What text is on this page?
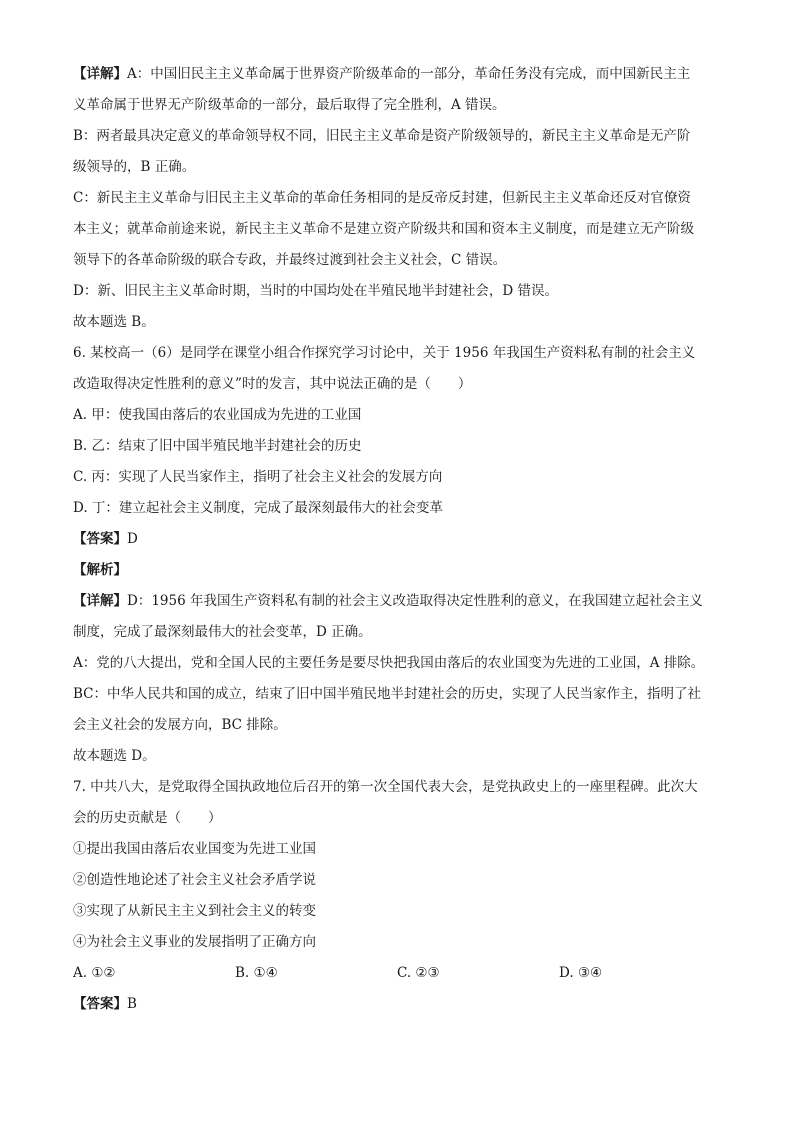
【详解】A：中国旧民主主义革命属于世界资产阶级革命的一部分，革命任务没有完成，而中国新民主主
义革命属于世界无产阶级革命的一部分，最后取得了完全胜利，A 错误。
B：两者最具决定意义的革命领导权不同，旧民主主义革命是资产阶级领导的，新民主主义革命是无产阶
级领导的，B 正确。
C：新民主主义革命与旧民主主义革命的革命任务相同的是反帝反封建，但新民主主义革命还反对官僚资
本主义；就革命前途来说，新民主主义革命不是建立资产阶级共和国和资本主义制度，而是建立无产阶级
领导下的各革命阶级的联合专政，并最终过渡到社会主义社会，C 错误。
D：新、旧民主主义革命时期，当时的中国均处在半殖民地半封建社会，D 错误。
故本题选 B。
6. 某校高一（6）是同学在课堂小组合作探究学习讨论中，关于 1956 年我国生产资料私有制的社会主义
改造取得决定性胜利的意义”时的发言，其中说法正确的是（　　）
A. 甲：使我国由落后的农业国成为先进的工业国
B. 乙：结束了旧中国半殖民地半封建社会的历史
C. 丙：实现了人民当家作主，指明了社会主义社会的发展方向
D. 丁：建立起社会主义制度，完成了最深刻最伟大的社会变革
【答案】D
【解析】
【详解】D：1956 年我国生产资料私有制的社会主义改造取得决定性胜利的意义，在我国建立起社会主义
制度，完成了最深刻最伟大的社会变革，D 正确。
A：党的八大提出，党和全国人民的主要任务是要尽快把我国由落后的农业国变为先进的工业国，A 排除。
BC：中华人民共和国的成立，结束了旧中国半殖民地半封建社会的历史，实现了人民当家作主，指明了社
会主义社会的发展方向，BC 排除。
故本题选 D。
7. 中共八大，是党取得全国执政地位后召开的第一次全国代表大会，是党执政史上的一座里程碑。此次大
会的历史贡献是（　　）
①提出我国由落后农业国变为先进工业国
②创造性地论述了社会主义社会矛盾学说
③实现了从新民主主义到社会主义的转变
④为社会主义事业的发展指明了正确方向
A. ①②	B. ①④	C. ②③	D. ③④
【答案】B
